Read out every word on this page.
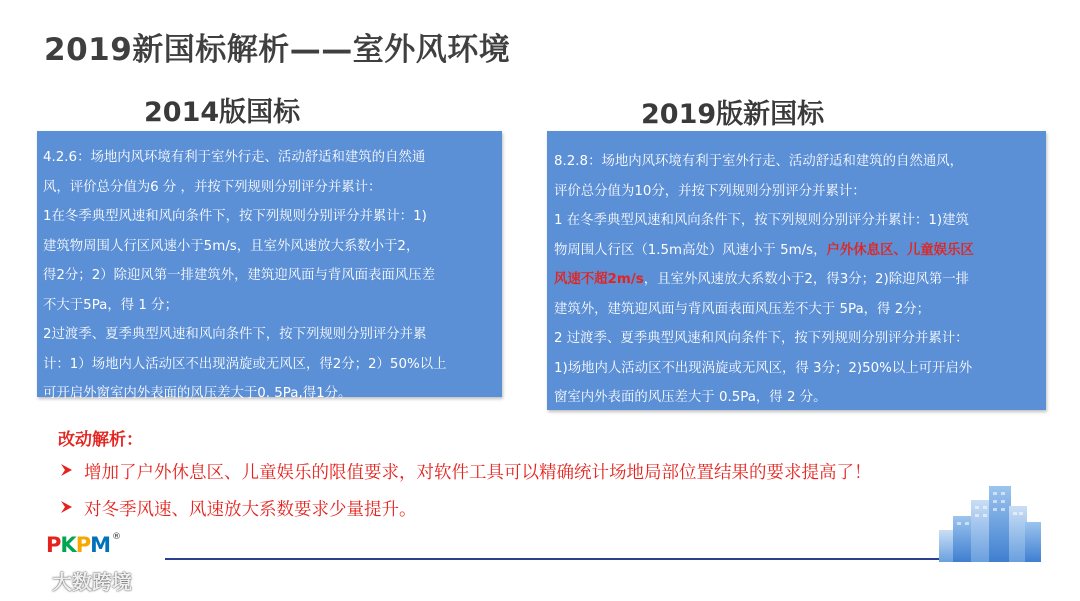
2019新国标解析——室外风环境
2014版国标	2019版新国标

4.2.6：场地内风环境有利于室外行走、活动舒适和建筑的自然通

风，评价总分值为6 分 ，并按下列规则分别评分并累计：

1在冬季典型风速和风向条件下，按下列规则分别评分并累计：1)

建筑物周围人行区风速小于5m/s，且室外风速放大系数小于2，

得2分；2）除迎风第一排建筑外，建筑迎风面与背风面表面风压差

不大于5Pa，得 1 分；

2过渡季、夏季典型风速和风向条件下，按下列规则分别评分并累

计：1）场地内人活动区不出现涡旋或无风区，得2分；2）50%以上

可开启外窗室内外表面的风压差大于0. 5Pa,得1分。

8.2.8：场地内风环境有利于室外行走、活动舒适和建筑的自然通风，

评价总分值为10分，并按下列规则分别评分并累计：

1 在冬季典型风速和风向条件下，按下列规则分别评分并累计：1)建筑

物周围人行区（1.5m高处）风速小于 5m/s，户外休息区、儿童娱乐区

风速不超2m/s，且室外风速放大系数小于2，得3分；2)除迎风第一排

建筑外，建筑迎风面与背风面表面风压差不大于 5Pa，得 2分；

2 过渡季、夏季典型风速和风向条件下，按下列规则分别评分并累计：

1)场地内人活动区不出现涡旋或无风区，得 3分；2)50%以上可开启外

窗室内外表面的风压差大于 0.5Pa，得 2 分。

改动解析：
增加了户外休息区、儿童娱乐的限值要求，对软件工具可以精确统计场地局部位置结果的要求提高了！
对冬季风速、风速放大系数要求少量提升。
PKPM ®
大数跨境
